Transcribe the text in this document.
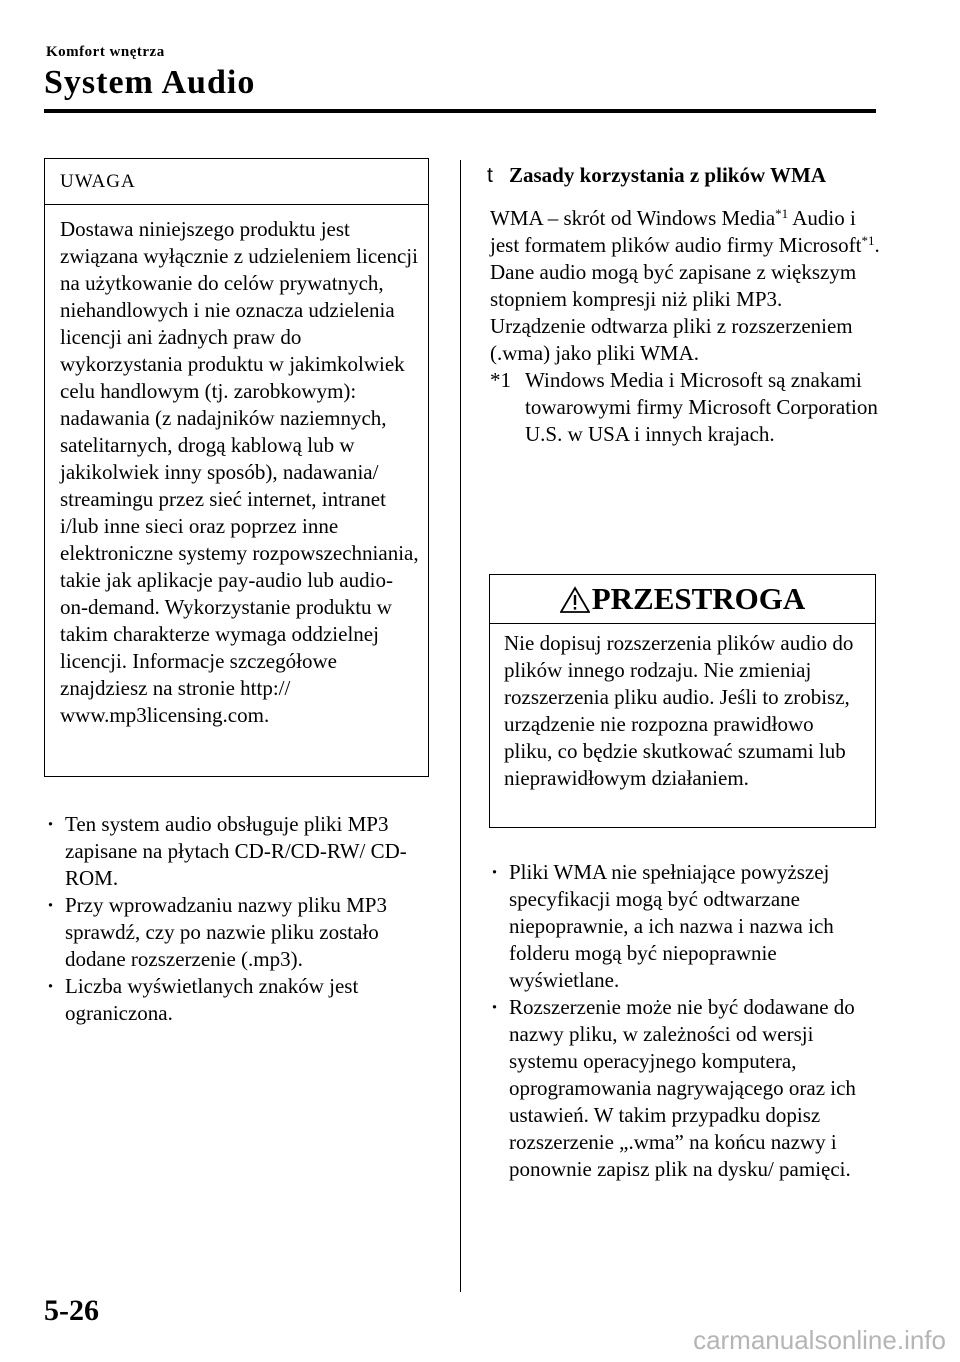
Komfort wnętrza
System Audio
UWAGA
Dostawa niniejszego produktu jest związana wyłącznie z udzieleniem licencji na użytkowanie do celów prywatnych, niehandlowych i nie oznacza udzielenia licencji ani żadnych praw do wykorzystania produktu w jakimkolwiek celu handlowym (tj. zarobkowym): nadawania (z nadajników naziemnych, satelitarnych, drogą kablową lub w jakikolwiek inny sposób), nadawania/ streamingu przez sieć internet, intranet i/lub inne sieci oraz poprzez inne elektroniczne systemy rozpowszechniania, takie jak aplikacje pay-audio lub audio-on-demand. Wykorzystanie produktu w takim charakterze wymaga oddzielnej licencji. Informacje szczegółowe znajdziesz na stronie http:// www.mp3licensing.com.
· Ten system audio obsługuje pliki MP3 zapisane na płytach CD-R/CD-RW/ CD-ROM.
· Przy wprowadzaniu nazwy pliku MP3 sprawdź, czy po nazwie pliku zostało dodane rozszerzenie (.mp3).
· Liczba wyświetlanych znaków jest ograniczona.
t Zasady korzystania z plików WMA
WMA – skrót od Windows Media$^{*1}$ Audio i jest formatem plików audio firmy Microsoft$^{*1}$.
Dane audio mogą być zapisane z większym stopniem kompresji niż pliki MP3.
Urządzenie odtwarza pliki z rozszerzeniem (.wma) jako pliki WMA.
*1 Windows Media i Microsoft są znakami towarowymi firmy Microsoft Corporation U.S. w USA i innych krajach.
PRZESTROGA
Nie dopisuj rozszerzenia plików audio do plików innego rodzaju. Nie zmieniaj rozszerzenia pliku audio. Jeśli to zrobisz, urządzenie nie rozpozna prawidłowo pliku, co będzie skutkować szumami lub nieprawidłowym działaniem.
· Pliki WMA nie spełniające powyższej specyfikacji mogą być odtwarzane niepoprawnie, a ich nazwa i nazwa ich folderu mogą być niepoprawnie wyświetlane.
· Rozszerzenie może nie być dodawane do nazwy pliku, w zależności od wersji systemu operacyjnego komputera, oprogramowania nagrywającego oraz ich ustawień. W takim przypadku dopisz rozszerzenie „.wma” na końcu nazwy i ponownie zapisz plik na dysku/ pamięci.
5-26
carmanualsonline.info
